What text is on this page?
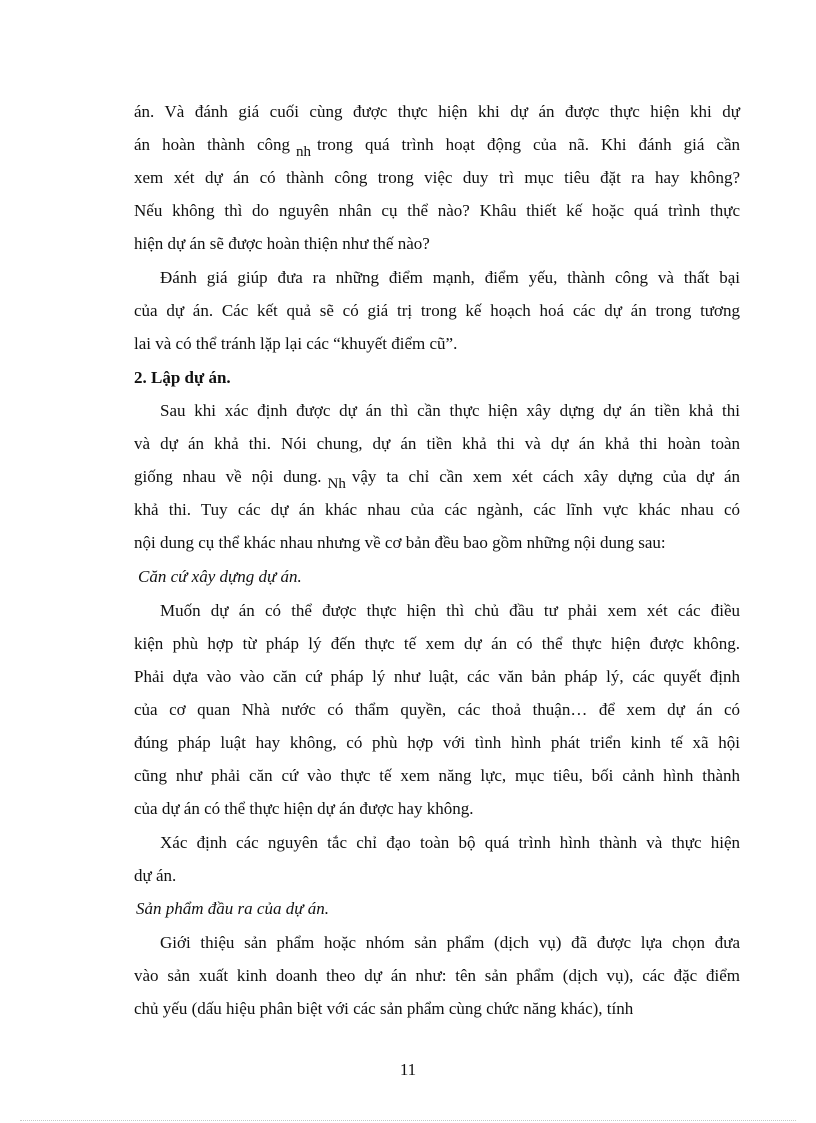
án. Và đánh giá cuối cùng được thực hiện khi dự án được thực hiện khi dự
án hoàn thành công nh trong quá trình hoạt động của nã. Khi đánh giá cần
xem xét dự án có thành công trong việc duy trì mục tiêu đặt ra hay không?
Nếu không thì do nguyên nhân cụ thể nào? Khâu thiết kế hoặc quá trình thực
hiện dự án sẽ được hoàn thiện như thế nào?
Đánh giá giúp đưa ra những điểm mạnh, điểm yếu, thành công và thất bại
của dự án. Các kết quả sẽ có giá trị trong kế hoạch hoá các dự án trong tương
lai và có thể tránh lặp lại các “khuyết điểm cũ”.
2. Lập dự án.
Sau khi xác định được dự án thì cần thực hiện xây dựng dự án tiền khả thi
và dự án khả thi. Nói chung, dự án tiền khả thi và dự án khả thi hoàn toàn
giống nhau về nội dung. Nh vậy ta chỉ cần xem xét cách xây dựng của dự án
khả thi. Tuy các dự án khác nhau của các ngành, các lĩnh vực khác nhau có
nội dung cụ thể khác nhau nhưng về cơ bản đều bao gồm những nội dung sau:
Căn cứ xây dựng dự án.
Muốn dự án có thể được thực hiện thì chủ đầu tư phải xem xét các điều
kiện phù hợp từ pháp lý đến thực tế xem dự án có thể thực hiện được không.
Phải dựa vào vào căn cứ pháp lý như luật, các văn bản pháp lý, các quyết định
của cơ quan Nhà nước có thẩm quyền, các thoả thuận… để xem dự án có
đúng pháp luật hay không, có phù hợp với tình hình phát triển kinh tế xã hội
cũng như phải căn cứ vào thực tế xem năng lực, mục tiêu, bối cảnh hình thành
của dự án có thể thực hiện dự án được hay không.
Xác định các nguyên tắc chỉ đạo toàn bộ quá trình hình thành và thực hiện
dự án.
Sản phẩm đầu ra của dự án.
Giới thiệu sản phẩm hoặc nhóm sản phẩm (dịch vụ) đã được lựa chọn đưa
vào sản xuất kinh doanh theo dự án như: tên sản phẩm (dịch vụ), các đặc điểm
chủ yếu (dấu hiệu phân biệt với các sản phẩm cùng chức năng khác), tính
11
